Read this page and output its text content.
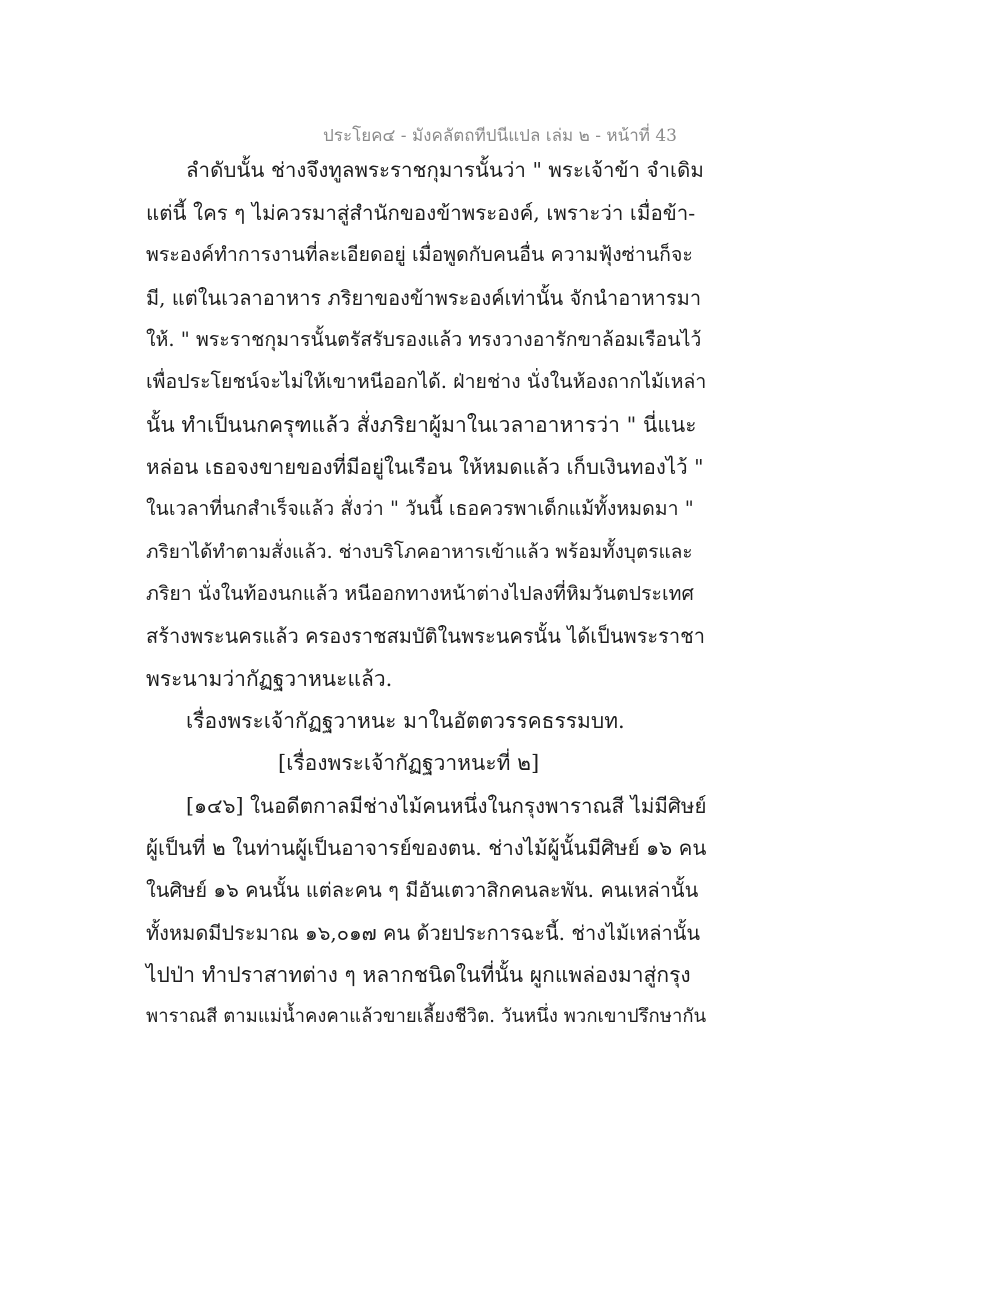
ประโยค๔ - มังคลัตถทีปนีแปล เล่ม ๒ - หน้าที่ 43
ลำดับนั้น ช่างจึงทูลพระราชกุมารนั้นว่า " พระเจ้าข้า จำเดิม
แต่นี้ ใคร ๆ ไม่ควรมาสู่สำนักของข้าพระองค์, เพราะว่า เมื่อข้า-
พระองค์ทำการงานที่ละเอียดอยู่ เมื่อพูดกับคนอื่น ความฟุ้งซ่านก็จะ
มี, แต่ในเวลาอาหาร ภริยาของข้าพระองค์เท่านั้น จักนำอาหารมา
ให้. " พระราชกุมารนั้นตรัสรับรองแล้ว ทรงวางอารักขาล้อมเรือนไว้
เพื่อประโยชน์จะไม่ให้เขาหนีออกได้. ฝ่ายช่าง นั่งในห้องถากไม้เหล่า
นั้น ทำเป็นนกครุฑแล้ว สั่งภริยาผู้มาในเวลาอาหารว่า " นี่แนะ
หล่อน เธอจงขายของที่มีอยู่ในเรือน ให้หมดแล้ว เก็บเงินทองไว้ "
ในเวลาที่นกสำเร็จแล้ว สั่งว่า " วันนี้ เธอควรพาเด็กแม้ทั้งหมดมา "
ภริยาได้ทำตามสั่งแล้ว. ช่างบริโภคอาหารเข้าแล้ว พร้อมทั้งบุตรและ
ภริยา นั่งในท้องนกแล้ว หนีออกทางหน้าต่างไปลงที่หิมวันตประเทศ
สร้างพระนครแล้ว ครองราชสมบัติในพระนครนั้น ได้เป็นพระราชา
พระนามว่ากัฏฐวาหนะแล้ว.
เรื่องพระเจ้ากัฏฐวาหนะ มาในอัตตวรรคธรรมบท.
[เรื่องพระเจ้ากัฏฐวาหนะที่ ๒]
[๑๔๖] ในอดีตกาลมีช่างไม้คนหนึ่งในกรุงพาราณสี ไม่มีศิษย์
ผู้เป็นที่ ๒ ในท่านผู้เป็นอาจารย์ของตน. ช่างไม้ผู้นั้นมีศิษย์ ๑๖ คน
ในศิษย์ ๑๖ คนนั้น แต่ละคน ๆ มีอันเตวาสิกคนละพัน. คนเหล่านั้น
ทั้งหมดมีประมาณ ๑๖,๐๑๗ คน ด้วยประการฉะนี้. ช่างไม้เหล่านั้น
ไปป่า ทำปราสาทต่าง ๆ หลากชนิดในที่นั้น ผูกแพล่องมาสู่กรุง
พาราณสี ตามแม่น้ำคงคาแล้วขายเลี้ยงชีวิต. วันหนึ่ง พวกเขาปรึกษากัน
